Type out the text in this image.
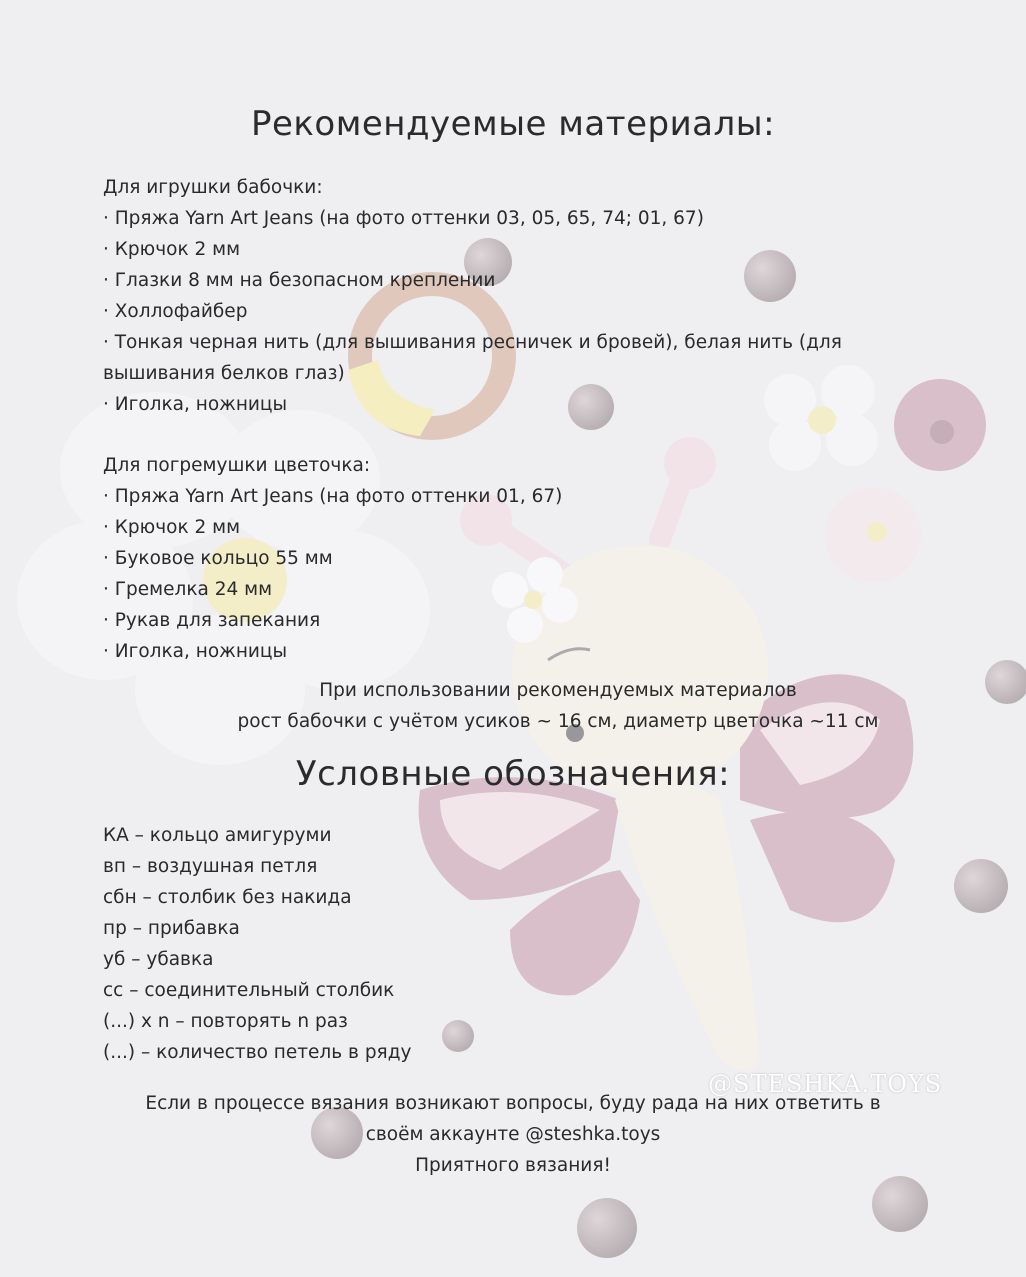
Рекомендуемые материалы:
Для игрушки бабочки:
· Пряжа Yarn Art Jeans (на фото оттенки 03, 05, 65, 74; 01, 67)
· Крючок 2 мм
· Глазки 8 мм на безопасном креплении
· Холлофайбер
· Тонкая черная нить (для вышивания ресничек и бровей), белая нить (для
вышивания белков глаз)
· Иголка, ножницы
Для погремушки цветочка:
· Пряжа Yarn Art Jeans (на фото оттенки 01, 67)
· Крючок 2 мм
· Буковое кольцо 55 мм
· Гремелка 24 мм
· Рукав для запекания
· Иголка, ножницы
При использовании рекомендуемых материалов
рост бабочки с учётом усиков ~ 16 см, диаметр цветочка ~11 см
Условные обозначения:
КА – кольцо амигуруми
вп – воздушная петля
сбн – столбик без накида
пр – прибавка
уб – убавка
сс – соединительный столбик
(...) х n – повторять n раз
(...) – количество петель в ряду
@STESHKA.TOYS
Если в процессе вязания возникают вопросы, буду рада на них ответить в
своём аккаунте @steshka.toys
Приятного вязания!
